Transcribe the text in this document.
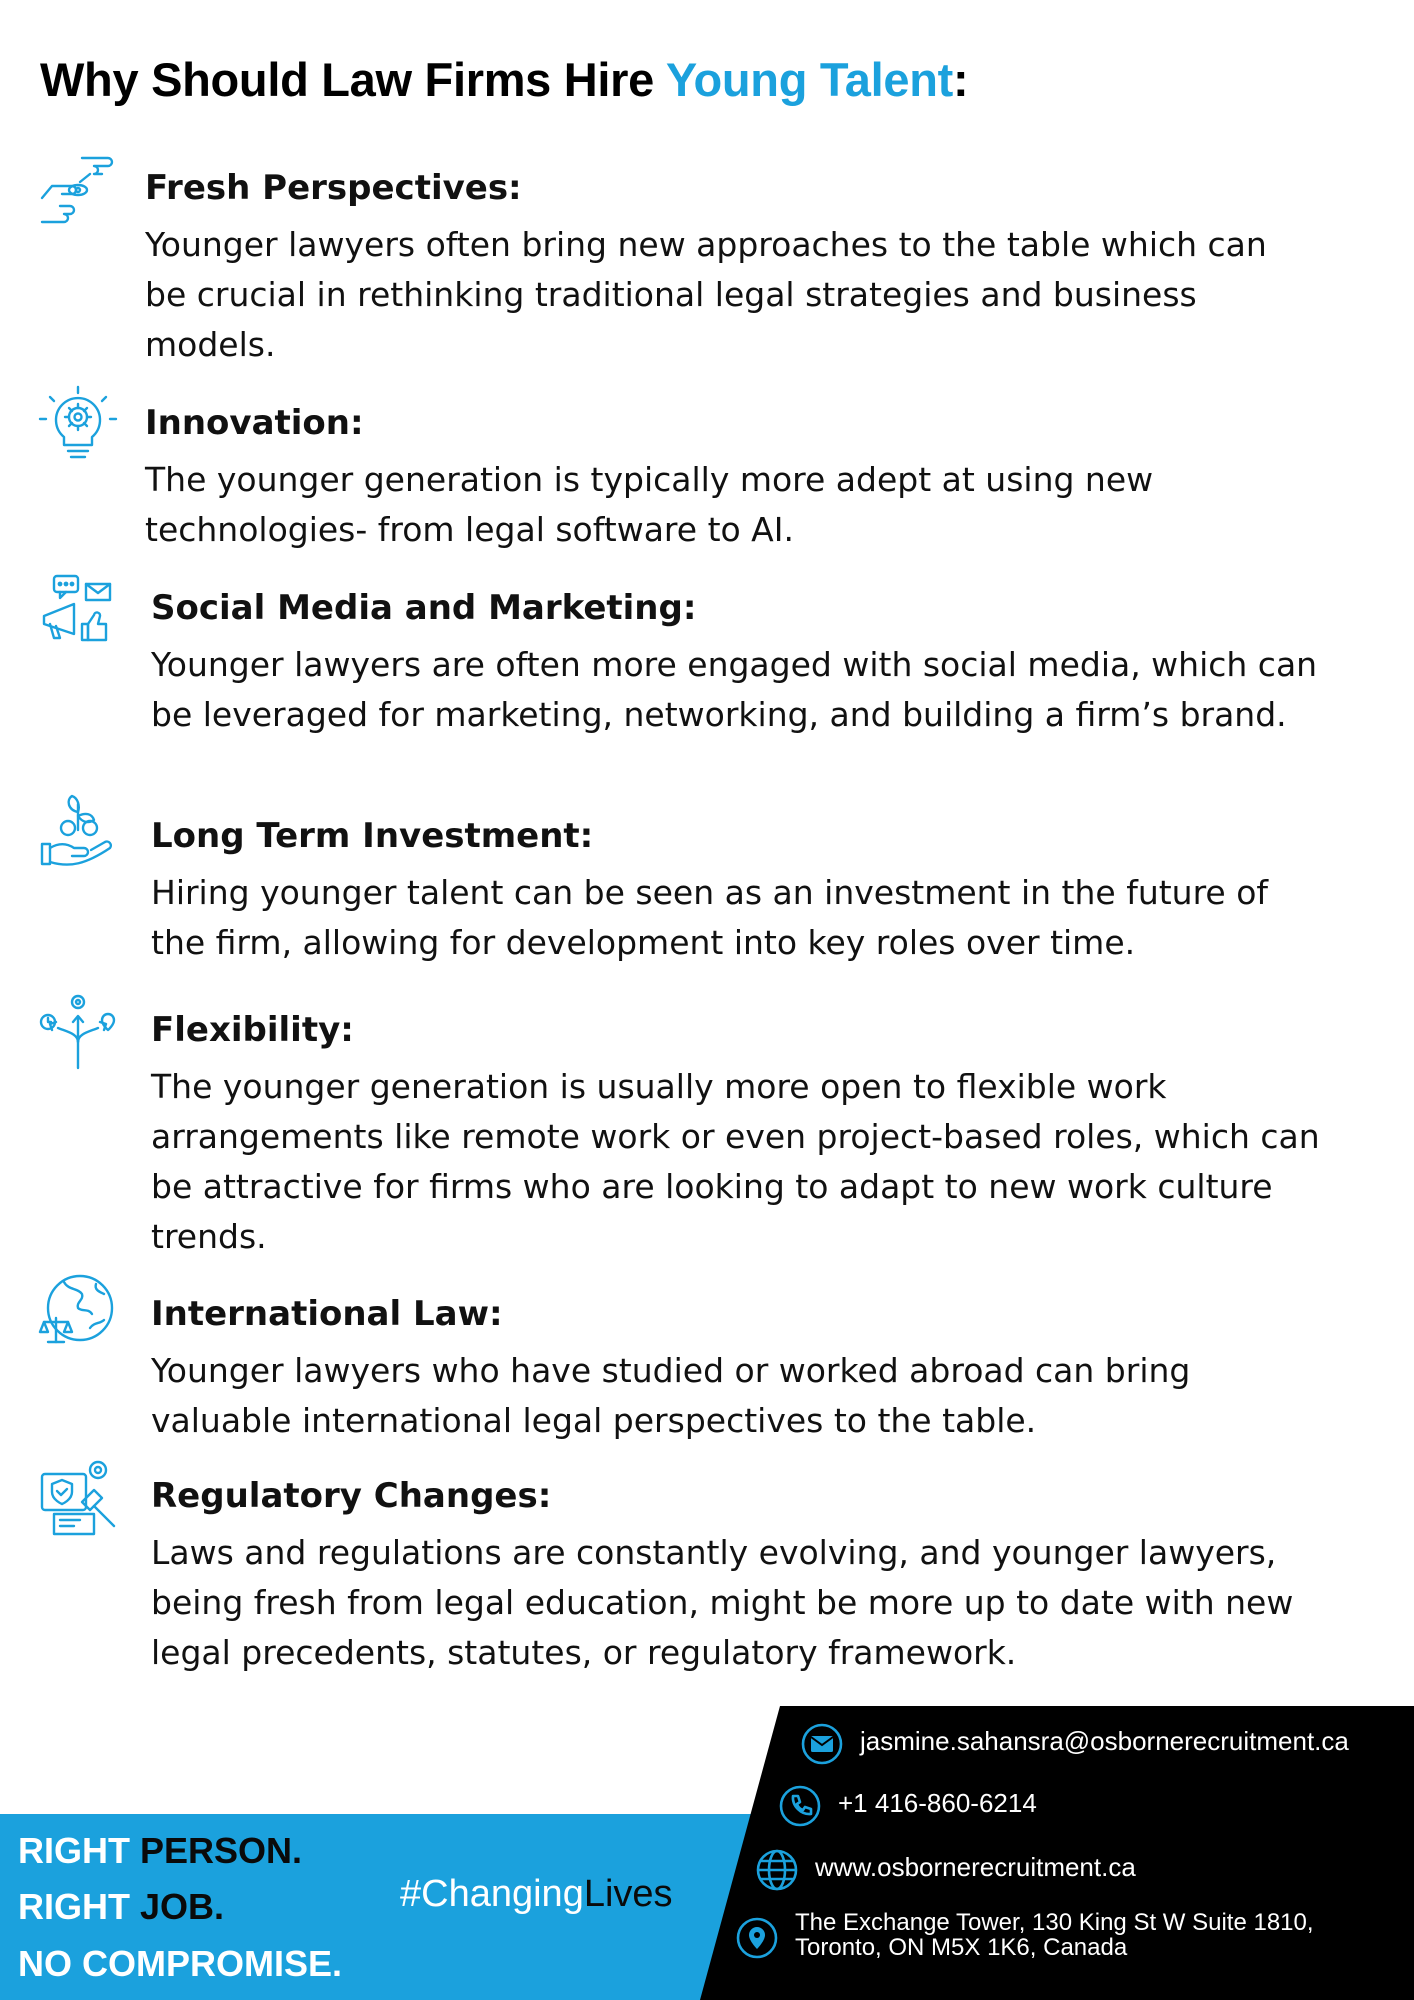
Why Should Law Firms Hire Young Talent:

Fresh Perspectives:

Younger lawyers often bring new approaches to the table which can be crucial in rethinking traditional legal strategies and business models.

Innovation:

The younger generation is typically more adept at using new technologies- from legal software to AI.

Social Media and Marketing:

Younger lawyers are often more engaged with social media, which can be leveraged for marketing, networking, and building a firm’s brand.

Long Term Investment:

Hiring younger talent can be seen as an investment in the future of the firm, allowing for development into key roles over time.

Flexibility:

The younger generation is usually more open to flexible work arrangements like remote work or even project-based roles, which can be attractive for firms who are looking to adapt to new work culture trends.

International Law:

Younger lawyers who have studied or worked abroad can bring valuable international legal perspectives to the table.

Regulatory Changes:

Laws and regulations are constantly evolving, and younger lawyers, being fresh from legal education, might be more up to date with new legal precedents, statutes, or regulatory framework.

RIGHT PERSON.

RIGHT JOB.

NO COMPROMISE.

#ChangingLives

jasmine.sahansra@osbornerecruitment.ca

+1 416-860-6214

www.osbornerecruitment.ca

The Exchange Tower, 130 King St W Suite 1810, Toronto, ON M5X 1K6, Canada
